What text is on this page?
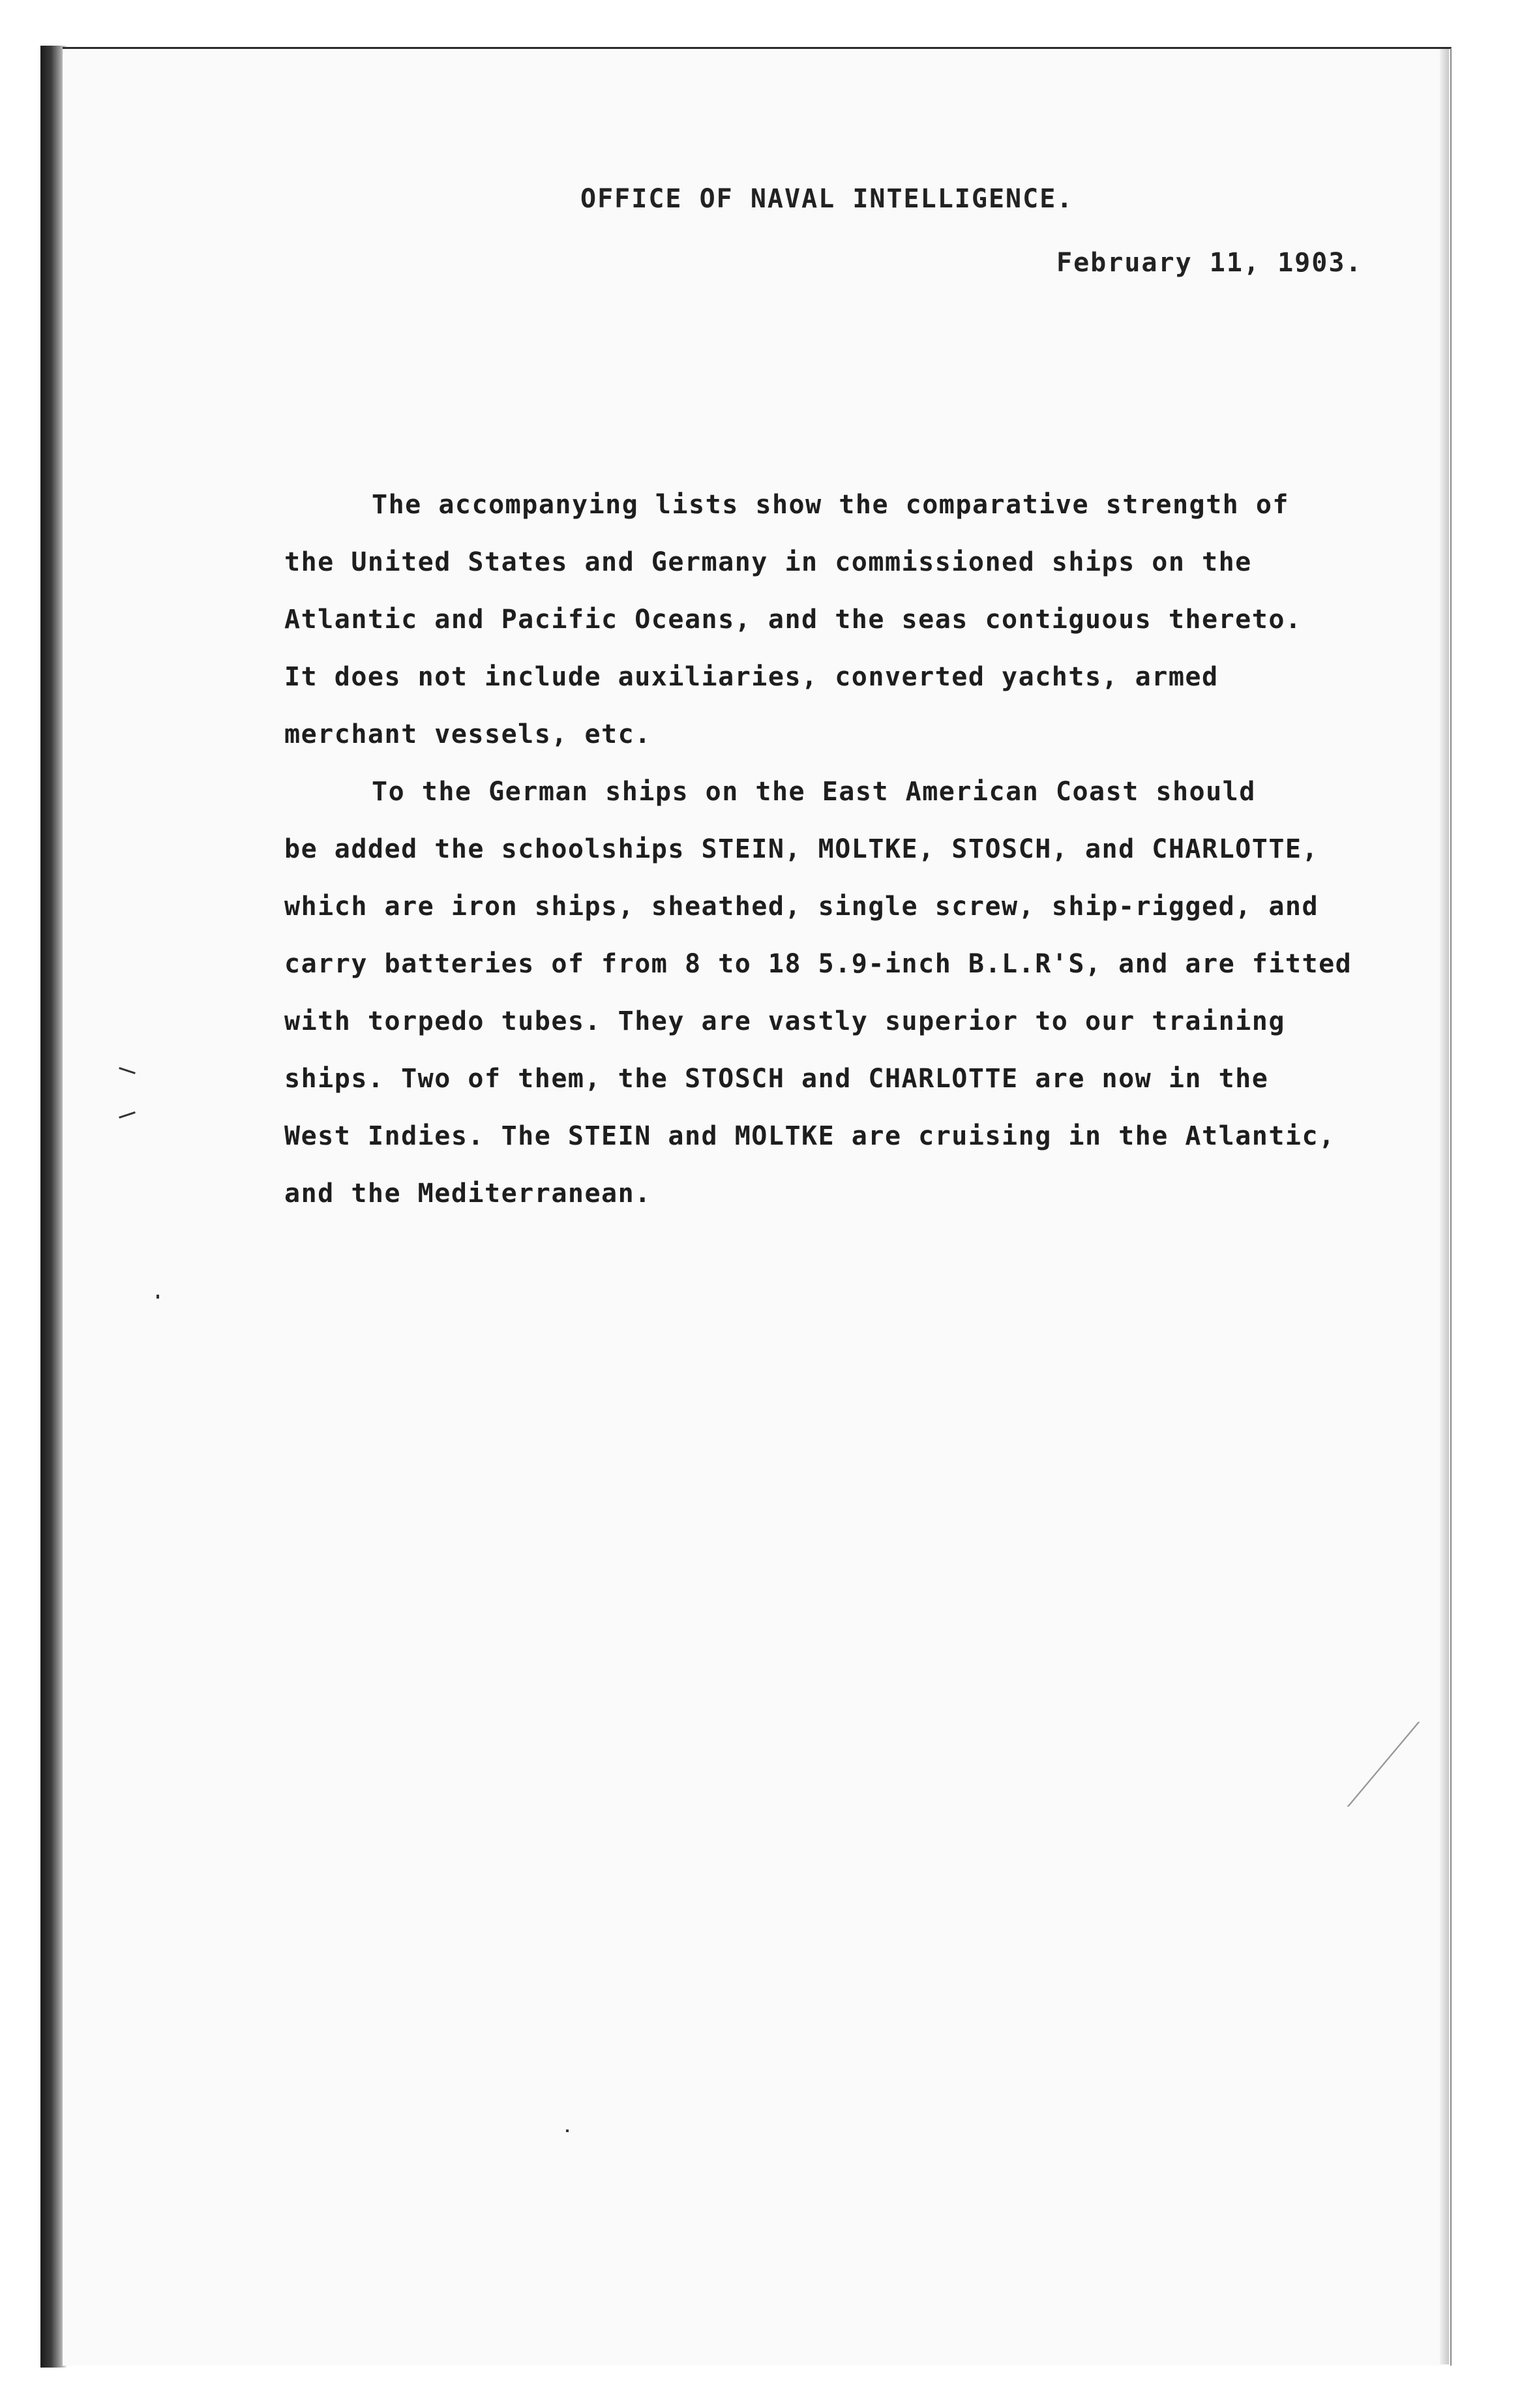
OFFICE OF NAVAL INTELLIGENCE.
February 11, 1903.
The accompanying lists show the comparative strength of
the United States and Germany in commissioned ships on the
Atlantic and Pacific Oceans, and the seas contiguous thereto.
It does not include auxiliaries, converted yachts, armed
merchant vessels, etc.
To the German ships on the East American Coast should
be added the schoolships STEIN, MOLTKE, STOSCH, and CHARLOTTE,
which are iron ships, sheathed, single screw, ship-rigged, and
carry batteries of from 8 to 18 5.9-inch B.L.R'S, and are fitted
with torpedo tubes. They are vastly superior to our training
ships. Two of them, the STOSCH and CHARLOTTE are now in the
West Indies. The STEIN and MOLTKE are cruising in the Atlantic,
and the Mediterranean.
